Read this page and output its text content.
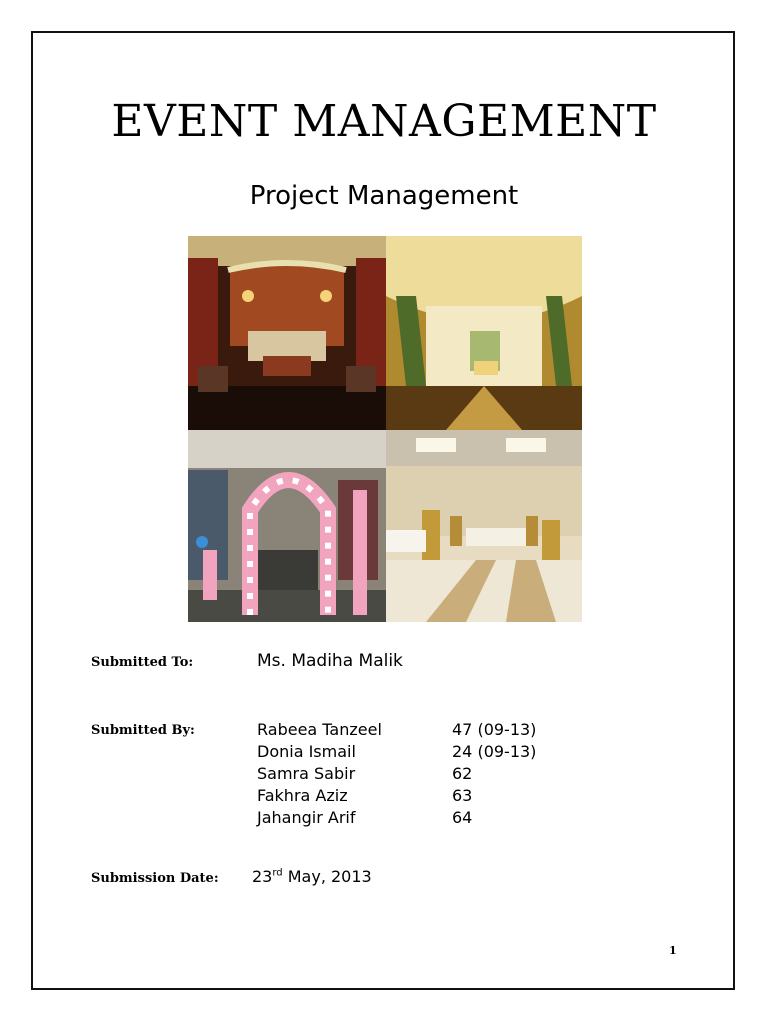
EVENT MANAGEMENT
Project Management
Submitted To:	Ms. Madiha Malik
Submitted By:	Rabeea Tanzeel	47 (09-13)
Donia Ismail	24 (09-13)
Samra Sabir	62
Fakhra Aziz	63
Jahangir Arif	64
Submission Date: 23rd May, 2013
1
